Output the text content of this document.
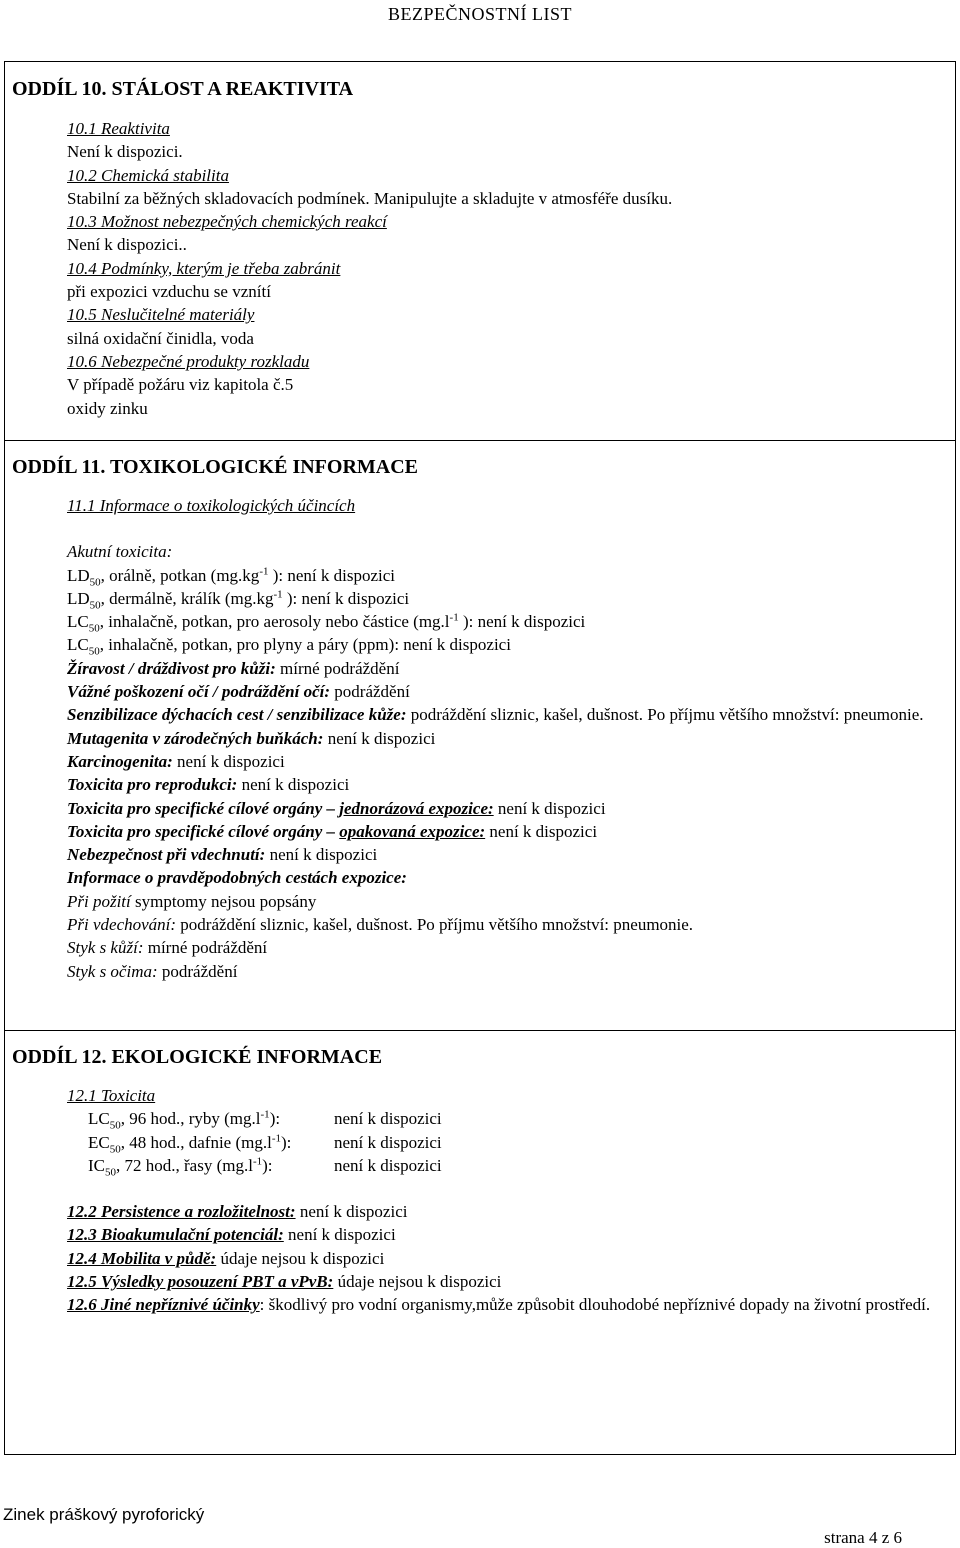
BEZPEČNOSTNÍ LIST
ODDÍL 10. STÁLOST A REAKTIVITA
10.1 Reaktivita
Není k dispozici.
10.2 Chemická stabilita
Stabilní za běžných skladovacích podmínek. Manipulujte a skladujte v atmosféře dusíku.
10.3 Možnost nebezpečných chemických reakcí
Není k dispozici..
10.4 Podmínky, kterým je třeba zabránit
při expozici vzduchu se vznítí
10.5 Neslučitelné materiály
silná oxidační činidla, voda
10.6 Nebezpečné produkty rozkladu
V případě požáru viz kapitola č.5
oxidy zinku
ODDÍL 11. TOXIKOLOGICKÉ INFORMACE
11.1 Informace o toxikologických účincích
Akutní toxicita:
$LD_{50}$, orálně, potkan ($mg.kg^{-1}$ ): není k dispozici
$LD_{50}$, dermálně, králík ($mg.kg^{-1}$ ): není k dispozici
$LC_{50}$, inhalačně, potkan, pro aerosoly nebo částice ($mg.l^{-1}$ ): není k dispozici
$LC_{50}$, inhalačně, potkan, pro plyny a páry (ppm): není k dispozici
Žíravost / dráždivost pro kůži: mírné podráždění
Vážné poškození očí / podráždění očí: podráždění
Senzibilizace dýchacích cest / senzibilizace kůže: podráždění sliznic, kašel, dušnost. Po příjmu většího množství: pneumonie.
Mutagenita v zárodečných buňkách: není k dispozici
Karcinogenita: není k dispozici
Toxicita pro reprodukci: není k dispozici
Toxicita pro specifické cílové orgány – jednorázová expozice: není k dispozici
Toxicita pro specifické cílové orgány – opakovaná expozice: není k dispozici
Nebezpečnost při vdechnutí: není k dispozici
Informace o pravděpodobných cestách expozice:
Při požití symptomy nejsou popsány
Při vdechování: podráždění sliznic, kašel, dušnost. Po příjmu většího množství: pneumonie.
Styk s kůží: mírné podráždění
Styk s očima: podráždění
ODDÍL 12. EKOLOGICKÉ INFORMACE
12.1 Toxicita
$LC_{50}$, 96 hod., ryby $(mg.l^{-1})$:	není k dispozici
$EC_{50}$, 48 hod., dafnie $(mg.l^{-1})$:	není k dispozici
$IC_{50}$, 72 hod., řasy $(mg.l^{-1})$:	není k dispozici
12.2 Persistence a rozložitelnost: není k dispozici
12.3 Bioakumulační potenciál: není k dispozici
12.4 Mobilita v půdě: údaje nejsou k dispozici
12.5 Výsledky posouzení PBT a vPvB: údaje nejsou k dispozici
12.6 Jiné nepříznivé účinky: škodlivý pro vodní organismy,může způsobit dlouhodobé nepříznivé dopady na životní prostředí.
Zinek práškový pyroforický
strana 4 z 6
